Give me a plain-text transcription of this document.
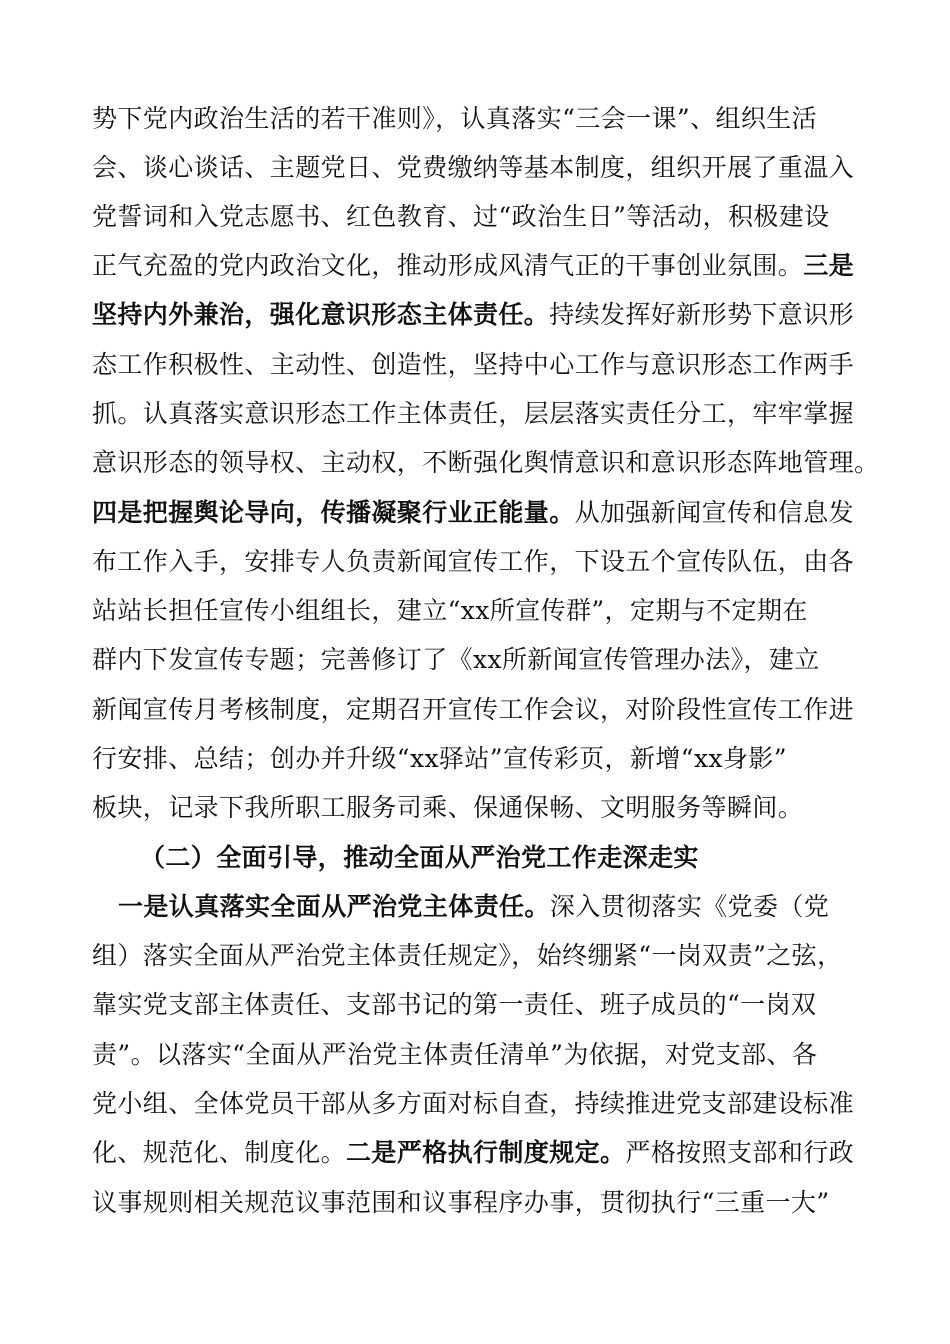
势下党内政治生活的若干准则》，认真落实“三会一课”、组织生活
会、谈心谈话、主题党日、党费缴纳等基本制度，组织开展了重温入
党誓词和入党志愿书、红色教育、过“政治生日”等活动，积极建设
正气充盈的党内政治文化，推动形成风清气正的干事创业氛围。三是
坚持内外兼治，强化意识形态主体责任。持续发挥好新形势下意识形
态工作积极性、主动性、创造性，坚持中心工作与意识形态工作两手
抓。认真落实意识形态工作主体责任，层层落实责任分工，牢牢掌握
意识形态的领导权、主动权，不断强化舆情意识和意识形态阵地管理。
四是把握舆论导向，传播凝聚行业正能量。从加强新闻宣传和信息发
布工作入手，安排专人负责新闻宣传工作，下设五个宣传队伍，由各
站站长担任宣传小组组长，建立“xx所宣传群”，定期与不定期在
群内下发宣传专题；完善修订了《xx所新闻宣传管理办法》，建立
新闻宣传月考核制度，定期召开宣传工作会议，对阶段性宣传工作进
行安排、总结；创办并升级“xx驿站”宣传彩页，新增“xx身影”
板块，记录下我所职工服务司乘、保通保畅、文明服务等瞬间。
（二）全面引导，推动全面从严治党工作走深走实
一是认真落实全面从严治党主体责任。深入贯彻落实《党委（党
组）落实全面从严治党主体责任规定》，始终绷紧“一岗双责”之弦，
靠实党支部主体责任、支部书记的第一责任、班子成员的“一岗双
责”。以落实“全面从严治党主体责任清单”为依据，对党支部、各
党小组、全体党员干部从多方面对标自查，持续推进党支部建设标准
化、规范化、制度化。二是严格执行制度规定。严格按照支部和行政
议事规则相关规范议事范围和议事程序办事，贯彻执行“三重一大”
